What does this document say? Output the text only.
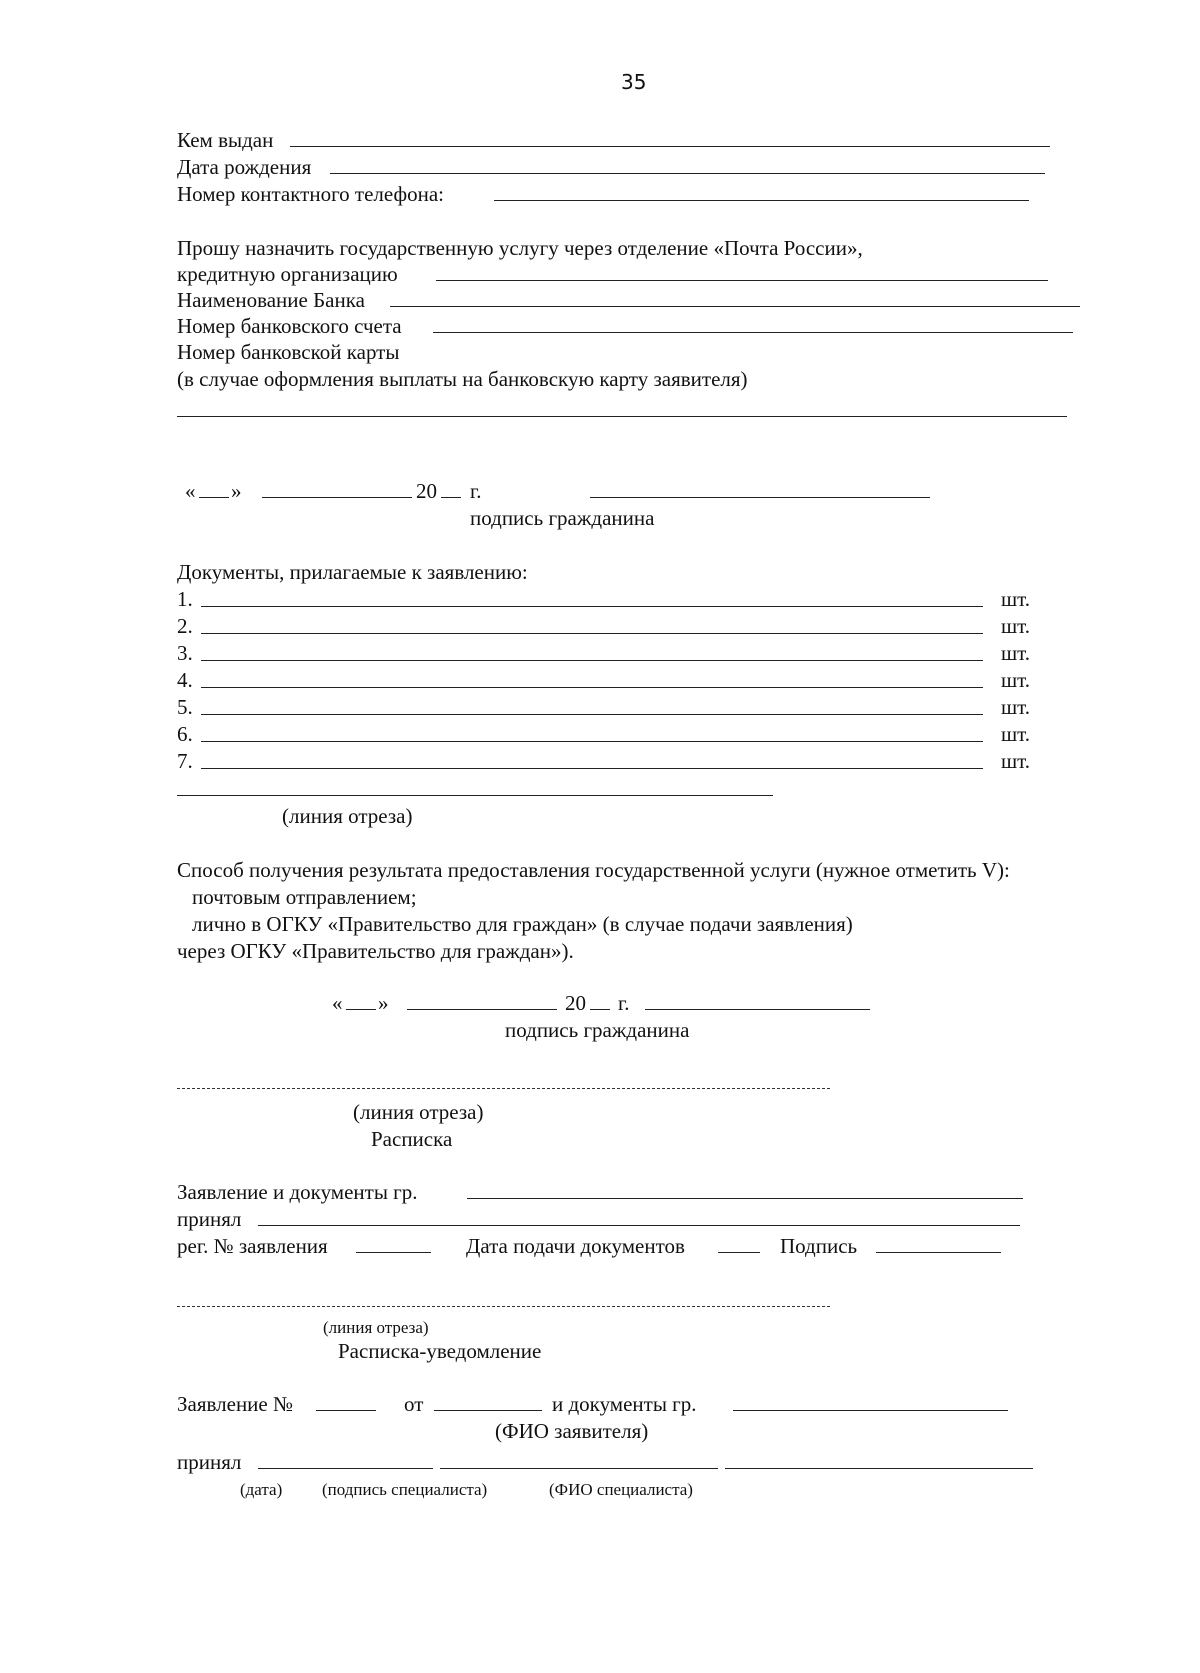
35
Кем выдан
Дата рождения
Номер контактного телефона:
Прошу назначить государственную услугу через отделение «Почта России»,
кредитную организацию
Наименование Банка
Номер банковского счета
Номер банковской карты
(в случае оформления выплаты на банковскую карту заявителя)
« »	20 г.
подпись гражданина
Документы, прилагаемые к заявлению:
1.	шт.
2.	шт.
3.	шт.
4.	шт.
5.	шт.
6.	шт.
7.	шт.
(линия отреза)
Способ получения результата предоставления государственной услуги (нужное отметить V):
почтовым отправлением;
лично в ОГКУ «Правительство для граждан» (в случае подачи заявления)
через ОГКУ «Правительство для граждан»).
« »	20 г.
подпись гражданина
(линия отреза)
Расписка
Заявление и документы гр.
принял
рег. № заявления	Дата подачи документов	Подпись
(линия отреза)
Расписка-уведомление
Заявление №	от	и документы гр.
(ФИО заявителя)
принял
(дата) (подпись специалиста)	(ФИО специалиста)
